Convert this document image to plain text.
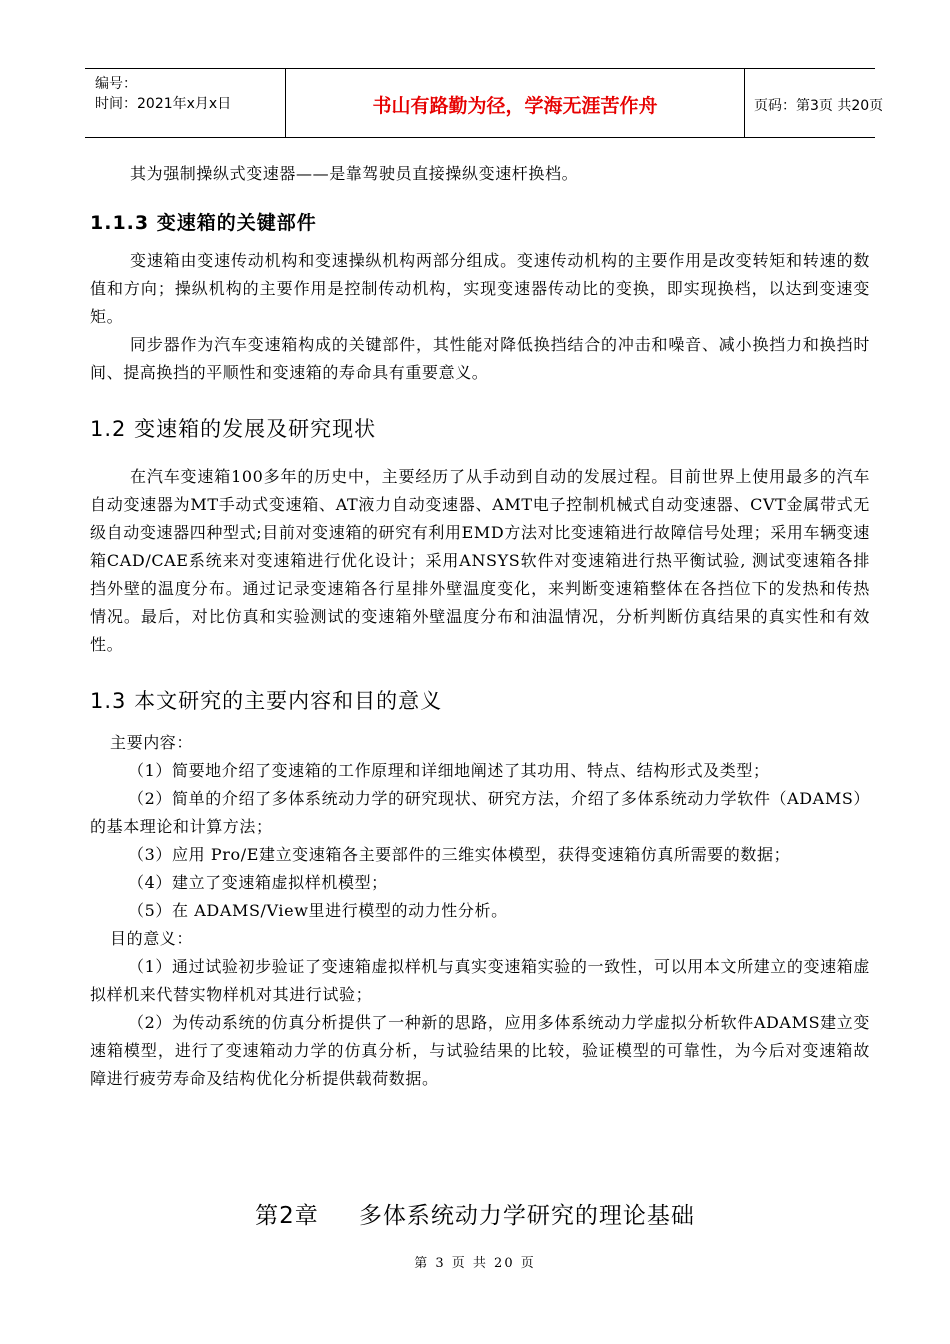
编号：
时间：2021年x月x日	书山有路勤为径，学海无涯苦作舟	页码：第3页 共20页

其为强制操纵式变速器——是靠驾驶员直接操纵变速杆换档。

1.1.3 变速箱的关键部件

变速箱由变速传动机构和变速操纵机构两部分组成。变速传动机构的主要作用是改变转矩和转速的数值和方向；操纵机构的主要作用是控制传动机构，实现变速器传动比的变换，即实现换档，以达到变速变矩。

同步器作为汽车变速箱构成的关键部件，其性能对降低换挡结合的冲击和噪音、减小换挡力和换挡时间、提高换挡的平顺性和变速箱的寿命具有重要意义。

1.2 变速箱的发展及研究现状

在汽车变速箱100多年的历史中，主要经历了从手动到自动的发展过程。目前世界上使用最多的汽车自动变速器为MT手动式变速箱、AT液力自动变速器、AMT电子控制机械式自动变速器、CVT金属带式无级自动变速器四种型式;目前对变速箱的研究有利用EMD方法对比变速箱进行故障信号处理；采用车辆变速箱CAD/CAE系统来对变速箱进行优化设计；采用ANSYS软件对变速箱进行热平衡试验, 测试变速箱各排挡外壁的温度分布。通过记录变速箱各行星排外壁温度变化，来判断变速箱整体在各挡位下的发热和传热情况。最后，对比仿真和实验测试的变速箱外壁温度分布和油温情况，分析判断仿真结果的真实性和有效性。

1.3 本文研究的主要内容和目的意义

主要内容：

（1）简要地介绍了变速箱的工作原理和详细地阐述了其功用、特点、结构形式及类型；

（2）简单的介绍了多体系统动力学的研究现状、研究方法，介绍了多体系统动力学软件（ADAMS）的基本理论和计算方法；

（3）应用 Pro/E建立变速箱各主要部件的三维实体模型，获得变速箱仿真所需要的数据；

（4）建立了变速箱虚拟样机模型；

（5）在 ADAMS/View里进行模型的动力性分析。

目的意义：

（1）通过试验初步验证了变速箱虚拟样机与真实变速箱实验的一致性，可以用本文所建立的变速箱虚拟样机来代替实物样机对其进行试验；

（2）为传动系统的仿真分析提供了一种新的思路，应用多体系统动力学虚拟分析软件ADAMS建立变速箱模型，进行了变速箱动力学的仿真分析，与试验结果的比较，验证模型的可靠性，为今后对变速箱故障进行疲劳寿命及结构优化分析提供载荷数据。

第2章 多体系统动力学研究的理论基础
第 3 页 共 20 页
